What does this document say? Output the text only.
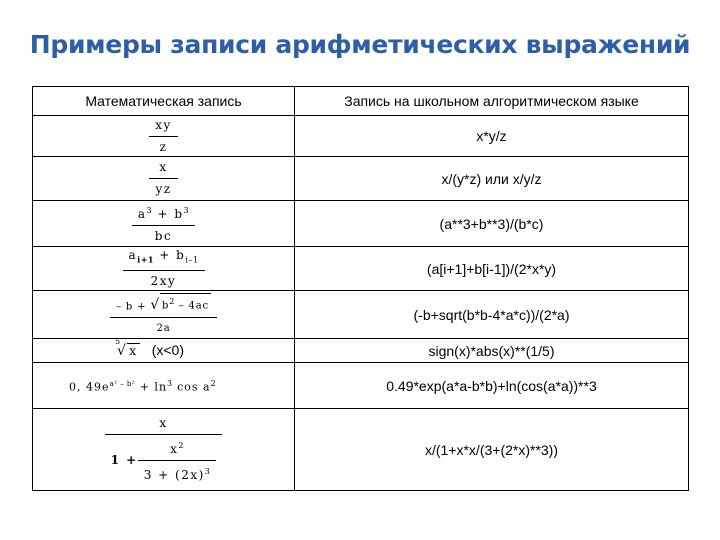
Примеры записи арифметических выражений
Математическая запись	Запись на школьном алгоритмическом языке

$\frac{xy}{z}$	x*y/z

$\frac{x}{yz}$	x/(y*z) или x/y/z

$\frac{a^3 + b^3}{bc}$	(a**3+b**3)/(b*c)

$\frac{a_{i+1} + b_{i-1}}{2xy}$	(a[i+1]+b[i-1])/(2*x*y)

$\frac{- b + √ b^2 - 4ac}{2a}$	(-b+sqrt(b*b-4*a*c))/(2*a)

5
√ x (x<0)	sign(x)*abs(x)**(1/5)
0, $49e^{a^2 - b^2} + \ln^3 \cos a^2$	0.49*exp(a*a-b*b)+ln(cos(a*a))**3

x
$1 + \frac{x^2}{3 + (2x)^3}$	x/(1+x*x/(3+(2*x)**3))
